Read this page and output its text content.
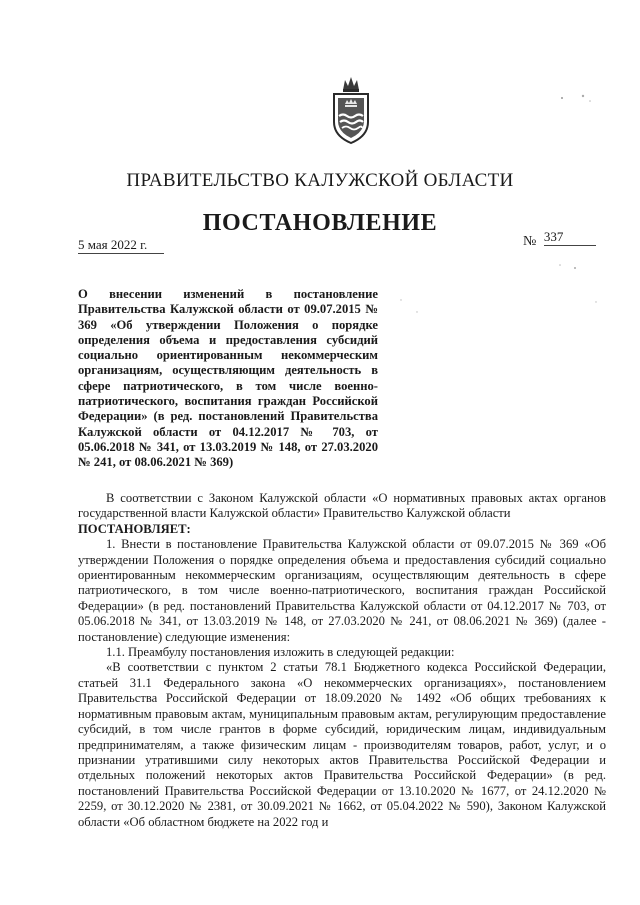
ПРАВИТЕЛЬСТВО КАЛУЖСКОЙ ОБЛАСТИ
ПОСТАНОВЛЕНИЕ
5 мая 2022 г.	№ 337
О внесении изменений в постановление Правительства Калужской области от 09.07.2015 № 369 «Об утверждении Положения о порядке определения объема и предоставления субсидий социально ориентированным некоммерческим организациям, осуществляющим деятельность в сфере патриотического, в том числе военно-патриотического, воспитания граждан Российской Федерации» (в ред. постановлений Правительства Калужской области от 04.12.2017 № 703, от 05.06.2018 № 341, от 13.03.2019 № 148, от 27.03.2020 № 241, от 08.06.2021 № 369)

В соответствии с Законом Калужской области «О нормативных правовых актах органов государственной власти Калужской области» Правительство Калужской области

ПОСТАНОВЛЯЕТ:

1. Внести в постановление Правительства Калужской области от 09.07.2015 № 369 «Об утверждении Положения о порядке определения объема и предоставления субсидий социально ориентированным некоммерческим организациям, осуществляющим деятельность в сфере патриотического, в том числе военно-патриотического, воспитания граждан Российской Федерации» (в ред. постановлений Правительства Калужской области от 04.12.2017 № 703, от 05.06.2018 № 341, от 13.03.2019 № 148, от 27.03.2020 № 241, от 08.06.2021 № 369) (далее - постановление) следующие изменения:

1.1. Преамбулу постановления изложить в следующей редакции:

«В соответствии с пунктом 2 статьи 78.1 Бюджетного кодекса Российской Федерации, статьей 31.1 Федерального закона «О некоммерческих организациях», постановлением Правительства Российской Федерации от 18.09.2020 № 1492 «Об общих требованиях к нормативным правовым актам, муниципальным правовым актам, регулирующим предоставление субсидий, в том числе грантов в форме субсидий, юридическим лицам, индивидуальным предпринимателям, а также физическим лицам - производителям товаров, работ, услуг, и о признании утратившими силу некоторых актов Правительства Российской Федерации и отдельных положений некоторых актов Правительства Российской Федерации» (в ред. постановлений Правительства Российской Федерации от 13.10.2020 № 1677, от 24.12.2020 № 2259, от 30.12.2020 № 2381, от 30.09.2021 № 1662, от 05.04.2022 № 590), Законом Калужской области «Об областном бюджете на 2022 год и
